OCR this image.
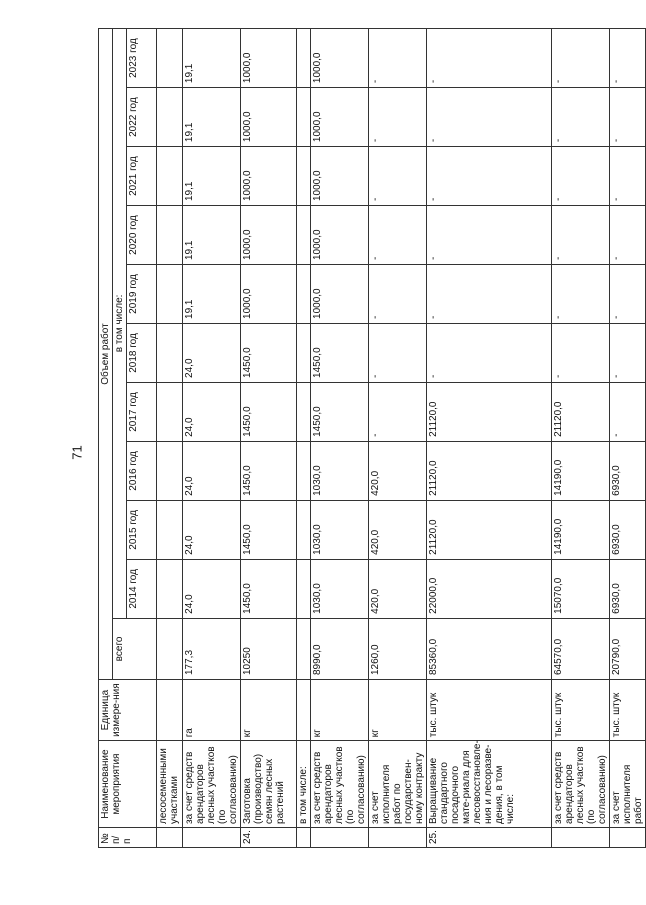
71
№ п/п	Наименование мероприятия	Единица измере-ния	Объем работ										
			всего	в том числе:									
				2014 год	2015 год	2016 год	2017 год	2018 год	2019 год	2020 год	2021 год	2022 год	2023 год
	лесосеменными участками												
	за счет средств арендаторов лесных участков (по согласованию)	га	177,3	24,0	24,0	24,0	24,0	24,0	19,1	19,1	19,1	19,1	19,1
24.	Заготовка (производство) семян лесных растений	кг	10250	1450,0	1450,0	1450,0	1450,0	1450,0	1000,0	1000,0	1000,0	1000,0	1000,0
	в том числе:												
	за счет средств арендаторов лесных участков (по согласованию)	кг	8990,0	1030,0	1030,0	1030,0	1450,0	1450,0	1000,0	1000,0	1000,0	1000,0	1000,0
	за счет исполнителя работ по государствен-ному контракту	кг	1260,0	420,0	420,0	420,0	-	-	-	-	-	-	-
25.	Выращивание стандартного посадочного мате-риала для лесовосстановле-ния и лесоразве-дения, в том числе:	тыс. штук	85360,0	22000,0	21120,0	21120,0	21120,0	-	-	-	-	-	-
	за счет средств арендаторов лесных участков (по согласованию)	тыс. штук	64570,0	15070,0	14190,0	14190,0	21120,0	-	-	-	-	-	-
	за счет исполнителя работ	тыс. штук	20790,0	6930,0	6930,0	6930,0	-	-	-	-	-	-	-
